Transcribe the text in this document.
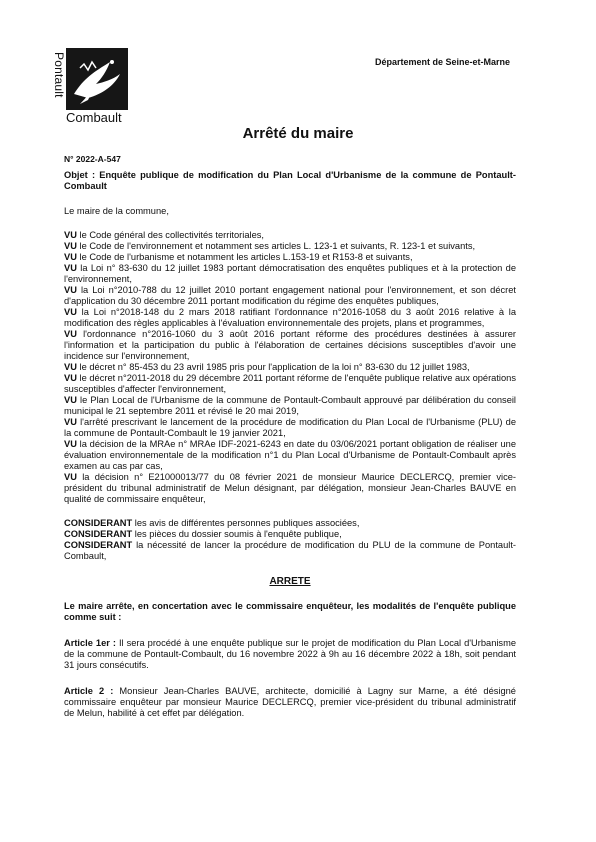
Pontault
Combault
Département de Seine-et-Marne
Arrêté du maire
N° 2022-A-547

Objet : Enquête publique de modification du Plan Local d'Urbanisme de la commune de Pontault-Combault

Le maire de la commune,

VU le Code général des collectivités territoriales,

VU le Code de l'environnement et notamment ses articles L. 123-1 et suivants, R. 123-1 et suivants,

VU le Code de l'urbanisme et notamment les articles L.153-19 et R153-8 et suivants,

VU la Loi n° 83-630 du 12 juillet 1983 portant démocratisation des enquêtes publiques et à la protection de l'environnement,

VU la Loi n°2010-788 du 12 juillet 2010 portant engagement national pour l'environnement, et son décret d'application du 30 décembre 2011 portant modification du régime des enquêtes publiques,

VU la Loi n°2018-148 du 2 mars 2018 ratifiant l'ordonnance n°2016-1058 du 3 août 2016 relative à la modification des règles applicables à l'évaluation environnementale des projets, plans et programmes,

VU l'ordonnance n°2016-1060 du 3 août 2016 portant réforme des procédures destinées à assurer l'information et la participation du public à l'élaboration de certaines décisions susceptibles d'avoir une incidence sur l'environnement,

VU le décret n° 85-453 du 23 avril 1985 pris pour l'application de la loi n° 83-630 du 12 juillet 1983,

VU le décret n°2011-2018 du 29 décembre 2011 portant réforme de l'enquête publique relative aux opérations susceptibles d'affecter l'environnement,

VU le Plan Local de l'Urbanisme de la commune de Pontault-Combault approuvé par délibération du conseil municipal le 21 septembre 2011 et révisé le 20 mai 2019,

VU l'arrêté prescrivant le lancement de la procédure de modification du Plan Local de l'Urbanisme (PLU) de la commune de Pontault-Combault le 19 janvier 2021,

VU la décision de la MRAe n° MRAe IDF-2021-6243 en date du 03/06/2021 portant obligation de réaliser une évaluation environnementale de la modification n°1 du Plan Local d'Urbanisme de Pontault-Combault après examen au cas par cas,

VU la décision n° E21000013/77 du 08 février 2021 de monsieur Maurice DECLERCQ, premier vice-président du tribunal administratif de Melun désignant, par délégation, monsieur Jean-Charles BAUVE en qualité de commissaire enquêteur,

CONSIDERANT les avis de différentes personnes publiques associées,

CONSIDERANT les pièces du dossier soumis à l'enquête publique,

CONSIDERANT la nécessité de lancer la procédure de modification du PLU de la commune de Pontault-Combault,

ARRETE

Le maire arrête, en concertation avec le commissaire enquêteur, les modalités de l'enquête publique comme suit :

Article 1er : Il sera procédé à une enquête publique sur le projet de modification du Plan Local d'Urbanisme de la commune de Pontault-Combault, du 16 novembre 2022 à 9h au 16 décembre 2022 à 18h, soit pendant 31 jours consécutifs.

Article 2 : Monsieur Jean-Charles BAUVE, architecte, domicilié à Lagny sur Marne, a été désigné commissaire enquêteur par monsieur Maurice DECLERCQ, premier vice-président du tribunal administratif de Melun, habilité à cet effet par délégation.
